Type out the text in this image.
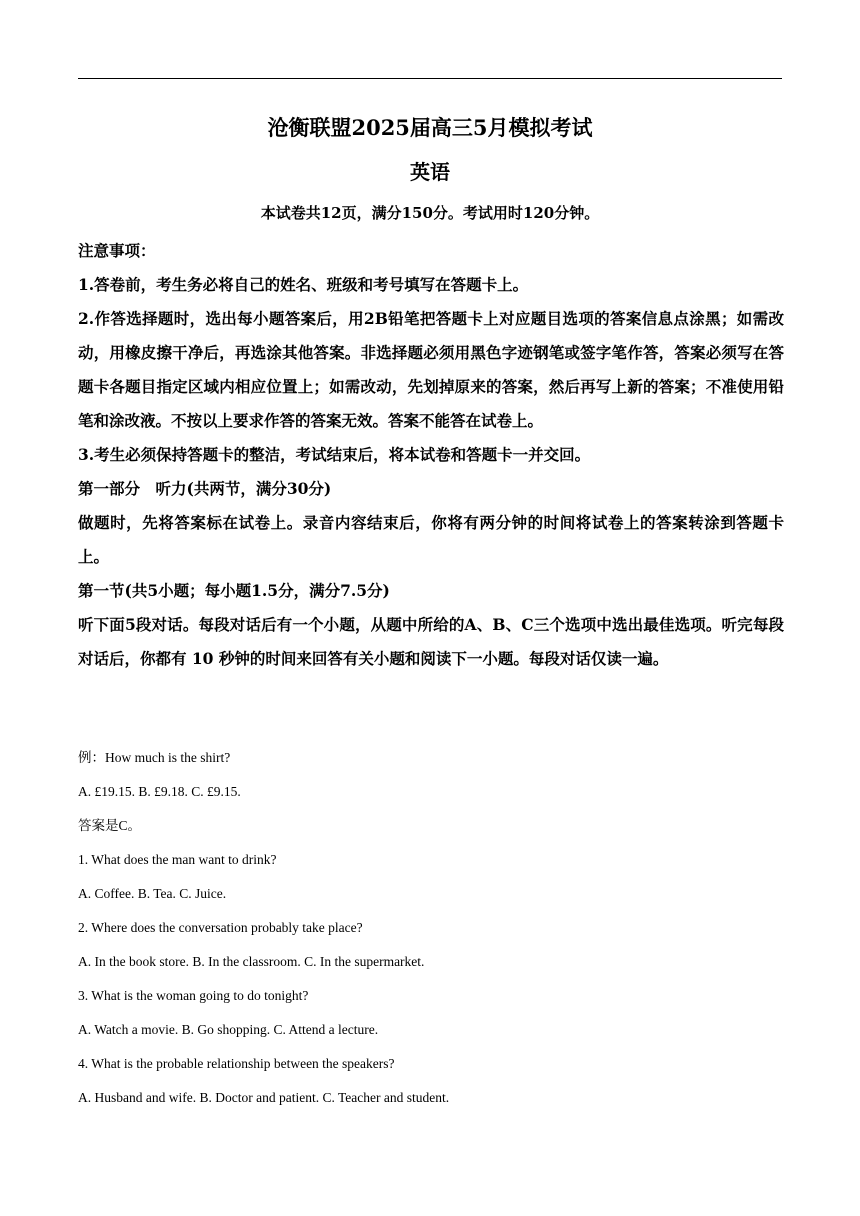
沧衡联盟2025届高三5月模拟考试
英语
本试卷共12页，满分150分。考试用时120分钟。

注意事项：

1.答卷前，考生务必将自己的姓名、班级和考号填写在答题卡上。

2.作答选择题时，选出每小题答案后，用2B铅笔把答题卡上对应题目选项的答案信息点涂黑；如需改动，用橡皮擦干净后，再选涂其他答案。非选择题必须用黑色字迹钢笔或签字笔作答，答案必须写在答题卡各题目指定区域内相应位置上；如需改动，先划掉原来的答案，然后再写上新的答案；不准使用铅笔和涂改液。不按以上要求作答的答案无效。答案不能答在试卷上。

3.考生必须保持答题卡的整洁，考试结束后，将本试卷和答题卡一并交回。

第一部分　听力(共两节，满分30分)

做题时，先将答案标在试卷上。录音内容结束后，你将有两分钟的时间将试卷上的答案转涂到答题卡上。

第一节(共5小题；每小题1.5分，满分7.5分)

听下面5段对话。每段对话后有一个小题，从题中所给的A、B、C三个选项中选出最佳选项。听完每段对话后，你都有 10 秒钟的时间来回答有关小题和阅读下一小题。每段对话仅读一遍。

例：How much is the shirt?

A. £19.15. B. £9.18. C. £9.15.

答案是C。

1. What does the man want to drink?

A. Coffee. B. Tea. C. Juice.

2. Where does the conversation probably take place?

A. In the book store. B. In the classroom. C. In the supermarket.

3. What is the woman going to do tonight?

A. Watch a movie. B. Go shopping. C. Attend a lecture.

4. What is the probable relationship between the speakers?

A. Husband and wife. B. Doctor and patient. C. Teacher and student.
